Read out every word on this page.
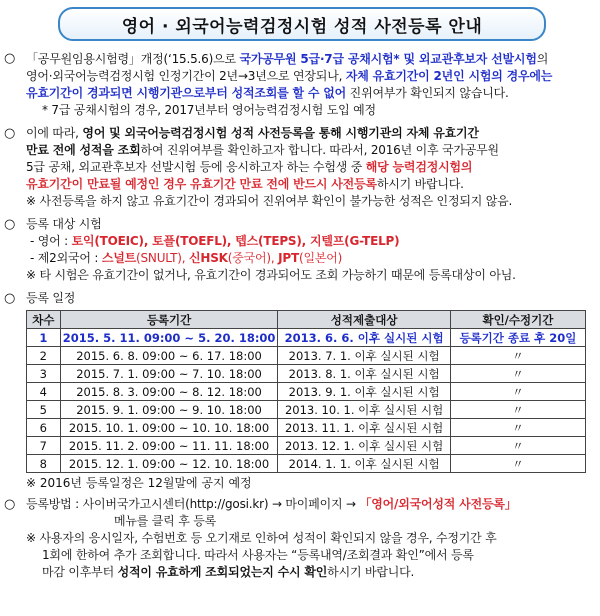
영어 · 외국어능력검정시험 성적 사전등록 안내
○ 「공무원임용시험령」개정(‘15.5.6)으로 국가공무원 5급·7급 공채시험* 및 외교관후보자 선발시험의

영어·외국어능력검정시험 인정기간이 2년→3년으로 연장되나, 자체 유효기간이 2년인 시험의 경우에는

유효기간이 경과되면 시행기관으로부터 성적조회를 할 수 없어 진위여부가 확인되지 않습니다.

* 7급 공채시험의 경우, 2017년부터 영어능력검정시험 도입 예정

○ 이에 따라, 영어 및 외국어능력검정시험 성적 사전등록을 통해 시행기관의 자체 유효기간

만료 전에 성적을 조회하여 진위여부를 확인하고자 합니다. 따라서, 2016년 이후 국가공무원

5급 공채, 외교관후보자 선발시험 등에 응시하고자 하는 수험생 중 해당 능력검정시험의

유효기간이 만료될 예정인 경우 유효기간 만료 전에 반드시 사전등록하시기 바랍니다.

※ 사전등록을 하지 않고 유효기간이 경과되어 진위여부 확인이 불가능한 성적은 인정되지 않음.

○ 등록 대상 시험

- 영어 : 토익(TOEIC), 토플(TOEFL), 텝스(TEPS), 지텔프(G-TELP)

- 제2외국어 : 스널트(SNULT), 신HSK(중국어), JPT(일본어)

※ 타 시험은 유효기간이 없거나, 유효기간이 경과되어도 조회 가능하기 때문에 등록대상이 아님.

○ 등록 일정

차수	등록기간	성적제출대상	확인/수정기간
1	2015. 5. 11. 09:00 ~ 5. 20. 18:00	2013. 6. 6. 이후 실시된 시험	등록기간 종료 후 20일
2	2015. 6. 8. 09:00 ~ 6. 17. 18:00	2013. 7. 1. 이후 실시된 시험	〃
3	2015. 7. 1. 09:00 ~ 7. 10. 18:00	2013. 8. 1. 이후 실시된 시험	〃
4	2015. 8. 3. 09:00 ~ 8. 12. 18:00	2013. 9. 1. 이후 실시된 시험	〃
5	2015. 9. 1. 09:00 ~ 9. 10. 18:00	2013. 10. 1. 이후 실시된 시험	〃
6	2015. 10. 1. 09:00 ~ 10. 10. 18:00	2013. 11. 1. 이후 실시된 시험	〃
7	2015. 11. 2. 09:00 ~ 11. 11. 18:00	2013. 12. 1. 이후 실시된 시험	〃
8	2015. 12. 1. 09:00 ~ 12. 10. 18:00	2014. 1. 1. 이후 실시된 시험	〃

※ 2016년 등록일정은 12월말에 공지 예정

○ 등록방법 : 사이버국가고시센터(http://gosi.kr) → 마이페이지 → 「영어/외국어성적 사전등록」

메뉴를 클릭 후 등록

※ 사용자의 응시일자, 수험번호 등 오기재로 인하여 성적이 확인되지 않을 경우, 수정기간 후

1회에 한하여 추가 조회합니다. 따라서 사용자는 “등록내역/조회결과 확인”에서 등록

마감 이후부터 성적이 유효하게 조회되었는지 수시 확인하시기 바랍니다.
